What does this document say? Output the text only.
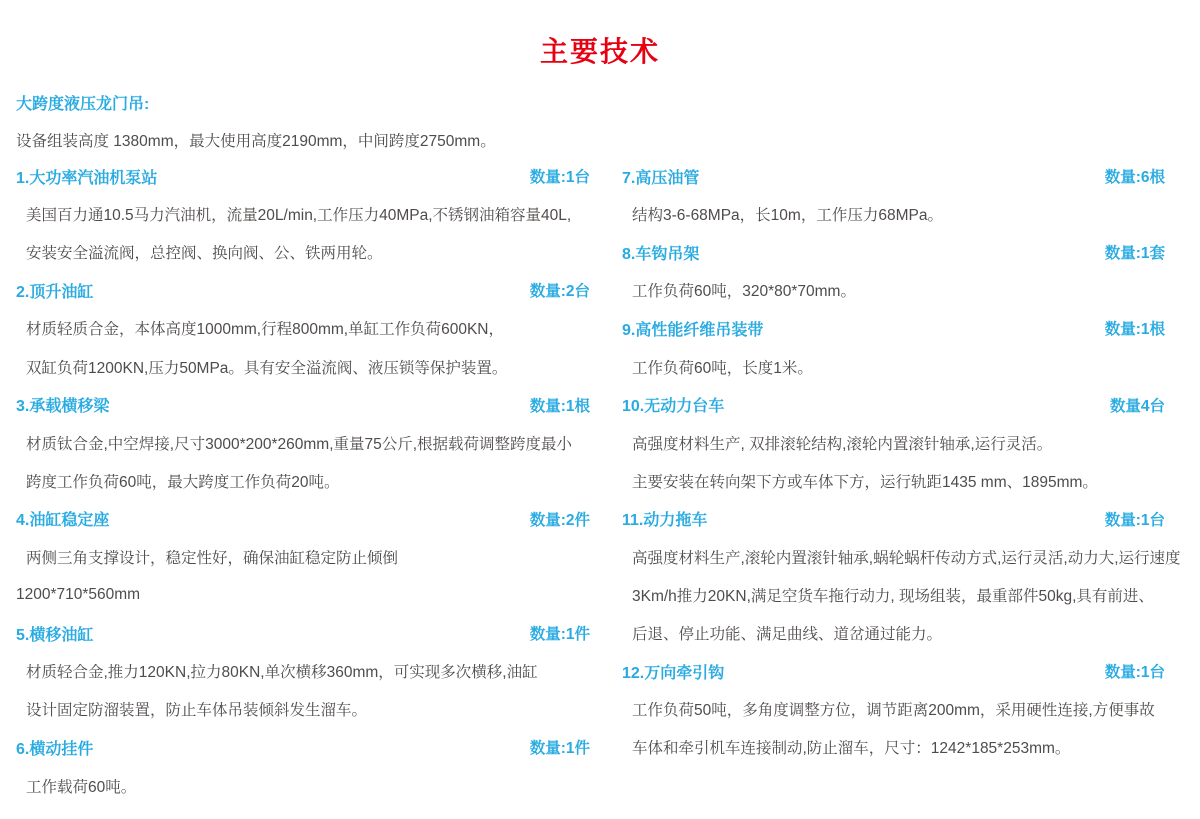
主要技术
大跨度液压龙门吊:
设备组装高度 1380mm，最大使用高度2190mm，中间跨度2750mm。
1.大功率汽油机泵站	数量:1台
美国百力通10.5马力汽油机，流量20L/min,工作压力40MPa,不锈钢油箱容量40L,
安装安全溢流阀，总控阀、换向阀、公、铁两用轮。
2.顶升油缸	数量:2台
材质轻质合金，本体高度1000mm,行程800mm,单缸工作负荷600KN，
双缸负荷1200KN,压力50MPa。具有安全溢流阀、液压锁等保护装置。
3.承载横移梁	数量:1根
材质钛合金,中空焊接,尺寸3000*200*260mm,重量75公斤,根据载荷调整跨度最小
跨度工作负荷60吨，最大跨度工作负荷20吨。
4.油缸稳定座	数量:2件
两侧三角支撑设计，稳定性好，确保油缸稳定防止倾倒
1200*710*560mm
5.横移油缸	数量:1件
材质轻合金,推力120KN,拉力80KN,单次横移360mm，可实现多次横移,油缸
设计固定防溜装置，防止车体吊装倾斜发生溜车。
6.横动挂件	数量:1件
工作载荷60吨。
7.高压油管	数量:6根
结构3-6-68MPa，长10m，工作压力68MPa。
8.车钩吊架	数量:1套
工作负荷60吨，320*80*70mm。
9.高性能纤维吊装带	数量:1根
工作负荷60吨，长度1米。
10.无动力台车	数量4台
高强度材料生产, 双排滚轮结构,滚轮内置滚针轴承,运行灵活。
主要安装在转向架下方或车体下方，运行轨距1435 mm、1895mm。
11.动力拖车	数量:1台
高强度材料生产,滚轮内置滚针轴承,蜗轮蜗杆传动方式,运行灵活,动力大,运行速度
3Km/h推力20KN,满足空货车拖行动力, 现场组装，最重部件50kg,具有前进、
后退、停止功能、满足曲线、道岔通过能力。
12.万向牵引钩	数量:1台
工作负荷50吨，多角度调整方位，调节距离200mm，采用硬性连接,方便事故
车体和牵引机车连接制动,防止溜车，尺寸：1242*185*253mm。
